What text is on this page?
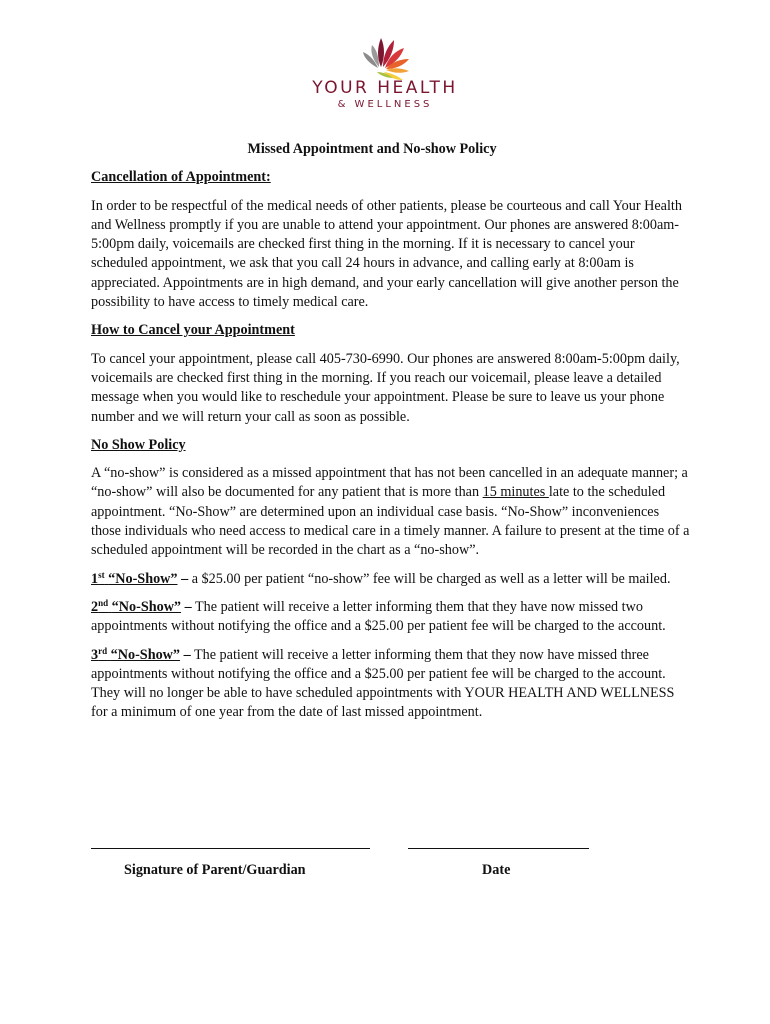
YOUR HEALTH
& WELLNESS
Missed Appointment and No-show Policy
Cancellation of Appointment:

In order to be respectful of the medical needs of other patients, please be courteous and call Your Health and Wellness promptly if you are unable to attend your appointment. Our phones are answered 8:00am-5:00pm daily, voicemails are checked first thing in the morning. If it is necessary to cancel your scheduled appointment, we ask that you call 24 hours in advance, and calling early at 8:00am is appreciated. Appointments are in high demand, and your early cancellation will give another person the possibility to have access to timely medical care.

How to Cancel your Appointment

To cancel your appointment, please call 405-730-6990. Our phones are answered 8:00am-5:00pm daily, voicemails are checked first thing in the morning. If you reach our voicemail, please leave a detailed message when you would like to reschedule your appointment. Please be sure to leave us your phone number and we will return your call as soon as possible.

No Show Policy

A “no-show” is considered as a missed appointment that has not been cancelled in an adequate manner; a “no-show” will also be documented for any patient that is more than 15 minutes late to the scheduled appointment. “No-Show” are determined upon an individual case basis. “No-Show” inconveniences those individuals who need access to medical care in a timely manner. A failure to present at the time of a scheduled appointment will be recorded in the chart as a “no-show”.

1st “No-Show” – a $25.00 per patient “no-show” fee will be charged as well as a letter will be mailed.

2nd “No-Show” – The patient will receive a letter informing them that they have now missed two appointments without notifying the office and a $25.00 per patient fee will be charged to the account.

3rd “No-Show” – The patient will receive a letter informing them that they now have missed three appointments without notifying the office and a $25.00 per patient fee will be charged to the account. They will no longer be able to have scheduled appointments with YOUR HEALTH AND WELLNESS for a minimum of one year from the date of last missed appointment.

Signature of Parent/Guardian	Date
